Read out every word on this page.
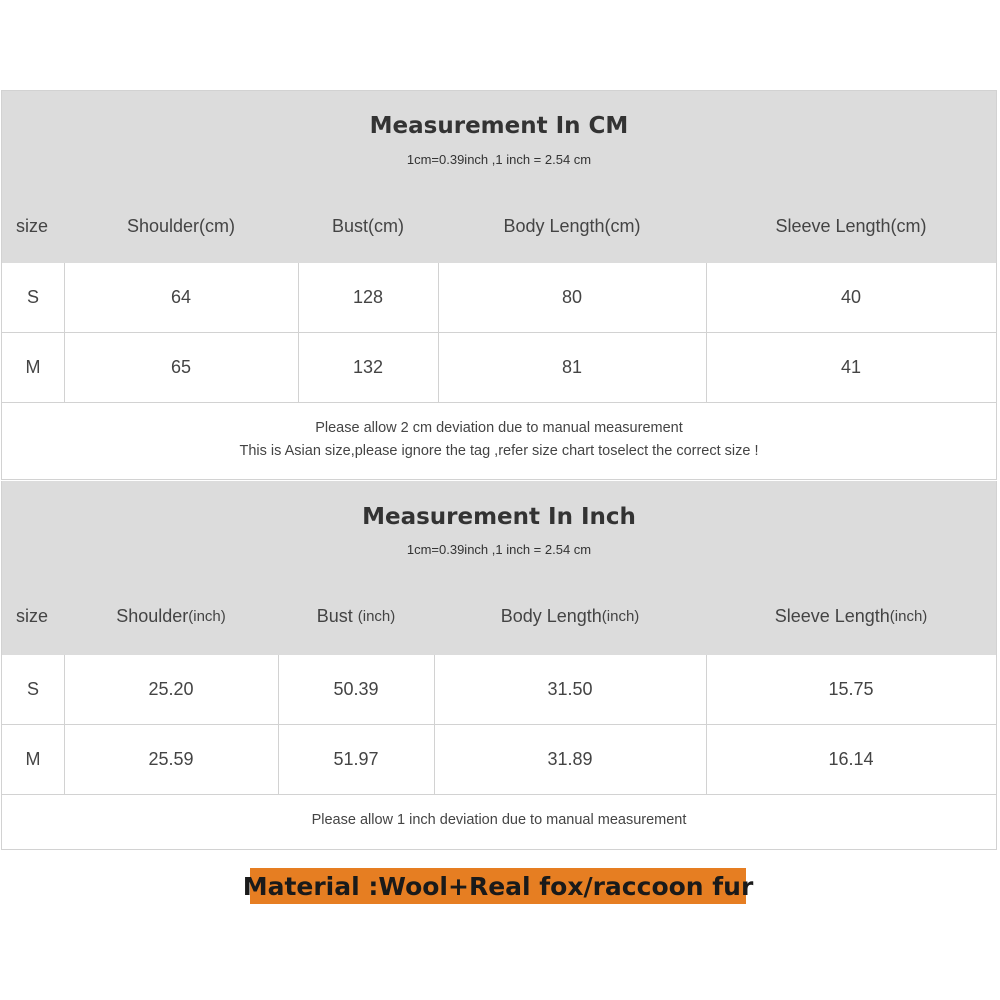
Measurement In CM
1cm=0.39inch ,1 inch = 2.54 cm
size	Shoulder(cm)	Bust(cm)	Body Length(cm)	Sleeve Length(cm)
S	64	128	80	40
M	65	132	81	41
Please allow 2 cm deviation due to manual measurement
This is Asian size,please ignore the tag ,refer size chart toselect the correct size !
Measurement In Inch
1cm=0.39inch ,1 inch = 2.54 cm
size	Shoulder (inch)	Bust (inch)	Body Length (inch)	Sleeve Length (inch)
S	25.20	50.39	31.50	15.75
M	25.59	51.97	31.89	16.14
Please allow 1 inch deviation due to manual measurement
Material :Wool+Real fox/raccoon fur
